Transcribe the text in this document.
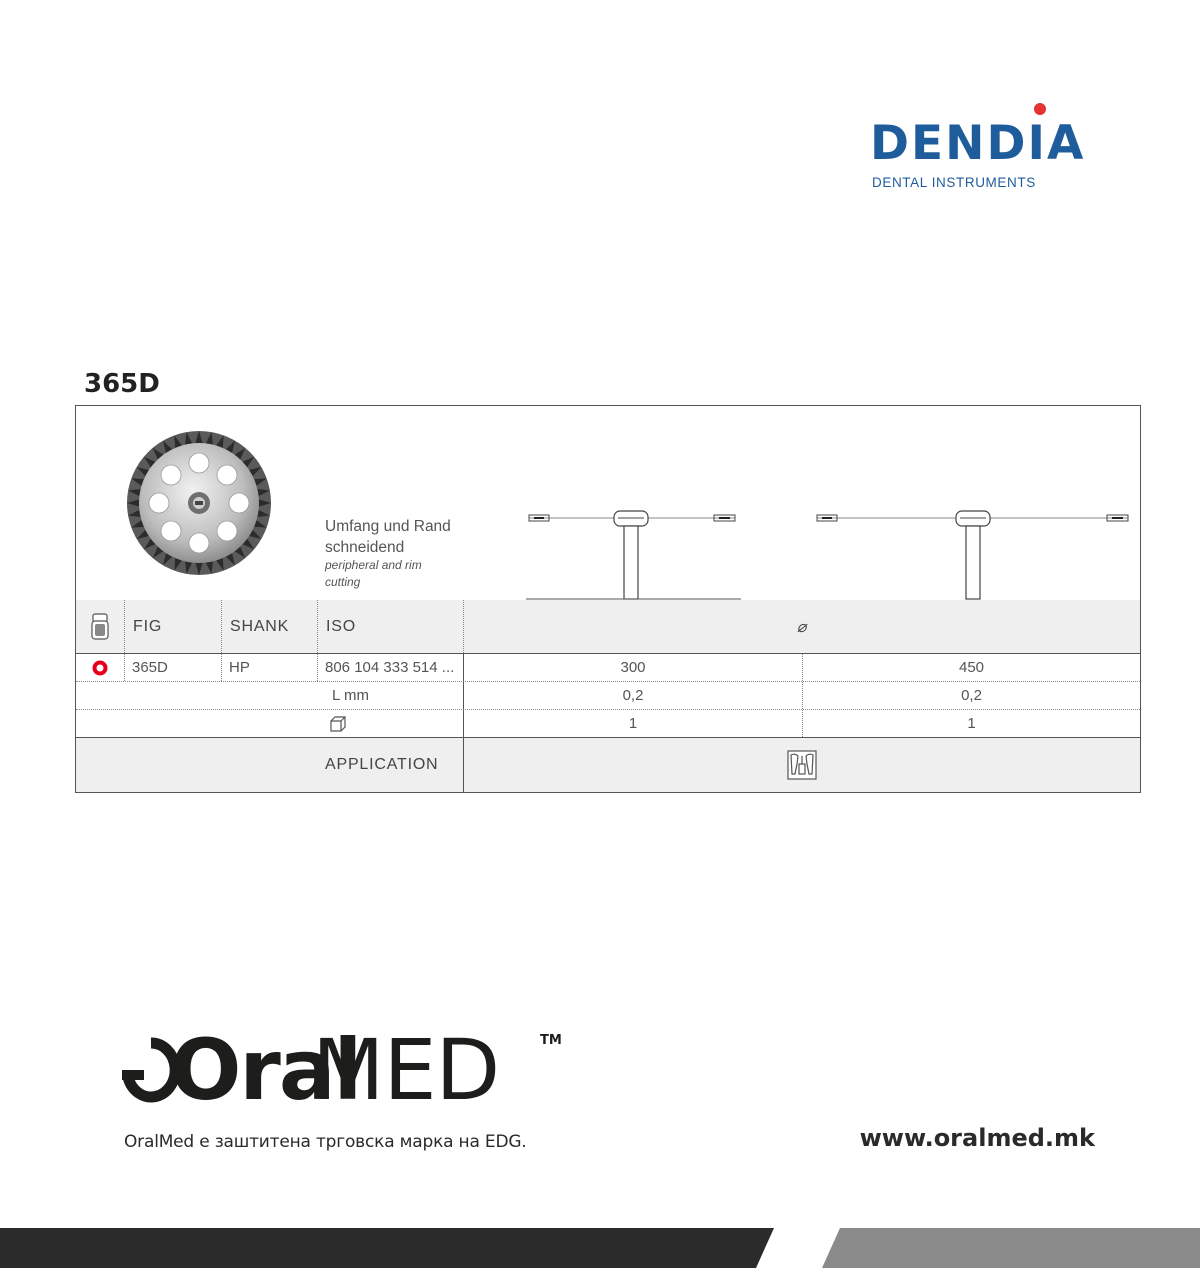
DENDIA
DENTAL INSTRUMENTS
365D
Umfang und Rand schneidend
peripheral and rim cutting
FIG	SHANK	ISO	⌀
365D	HP	806 104 333 514 ...	300	450
L mm	0,2	0,2
1	1
APPLICATION
Oral
MED	TM
OralMed е заштитена трговска марка на EDG.	www.oralmed.mk
